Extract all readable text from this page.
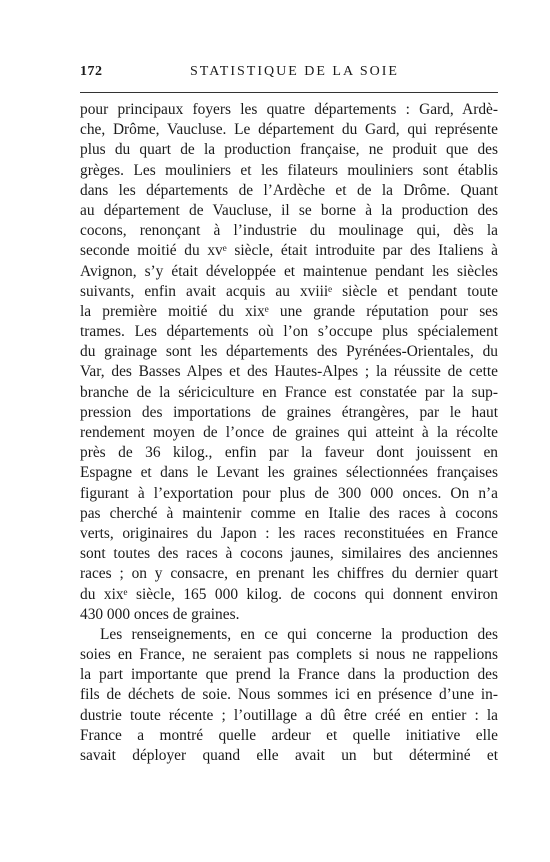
172	STATISTIQUE DE LA SOIE
pour principaux foyers les quatre départements : Gard, Ardè-
che, Drôme, Vaucluse. Le département du Gard, qui représente
plus du quart de la production française, ne produit que des
grèges. Les mouliniers et les filateurs mouliniers sont établis
dans les départements de l’Ardèche et de la Drôme. Quant
au département de Vaucluse, il se borne à la production des
cocons, renonçant à l’industrie du moulinage qui, dès la
seconde moitié du xvᵉ siècle, était introduite par des Italiens à
Avignon, s’y était développée et maintenue pendant les siècles
suivants, enfin avait acquis au xviiiᵉ siècle et pendant toute
la première moitié du xixᵉ une grande réputation pour ses
trames. Les départements où l’on s’occupe plus spécialement
du grainage sont les départements des Pyrénées-Orientales, du
Var, des Basses Alpes et des Hautes-Alpes ; la réussite de cette
branche de la sériciculture en France est constatée par la sup-
pression des importations de graines étrangères, par le haut
rendement moyen de l’once de graines qui atteint à la récolte
près de 36 kilog., enfin par la faveur dont jouissent en
Espagne et dans le Levant les graines sélectionnées françaises
figurant à l’exportation pour plus de 300 000 onces. On n’a
pas cherché à maintenir comme en Italie des races à cocons
verts, originaires du Japon : les races reconstituées en France
sont toutes des races à cocons jaunes, similaires des anciennes
races ; on y consacre, en prenant les chiffres du dernier quart
du xixᵉ siècle, 165 000 kilog. de cocons qui donnent environ
430 000 onces de graines.
Les renseignements, en ce qui concerne la production des
soies en France, ne seraient pas complets si nous ne rappelions
la part importante que prend la France dans la production des
fils de déchets de soie. Nous sommes ici en présence d’une in-
dustrie toute récente ; l’outillage a dû être créé en entier : la
France a montré quelle ardeur et quelle initiative elle
savait déployer quand elle avait un but déterminé et
